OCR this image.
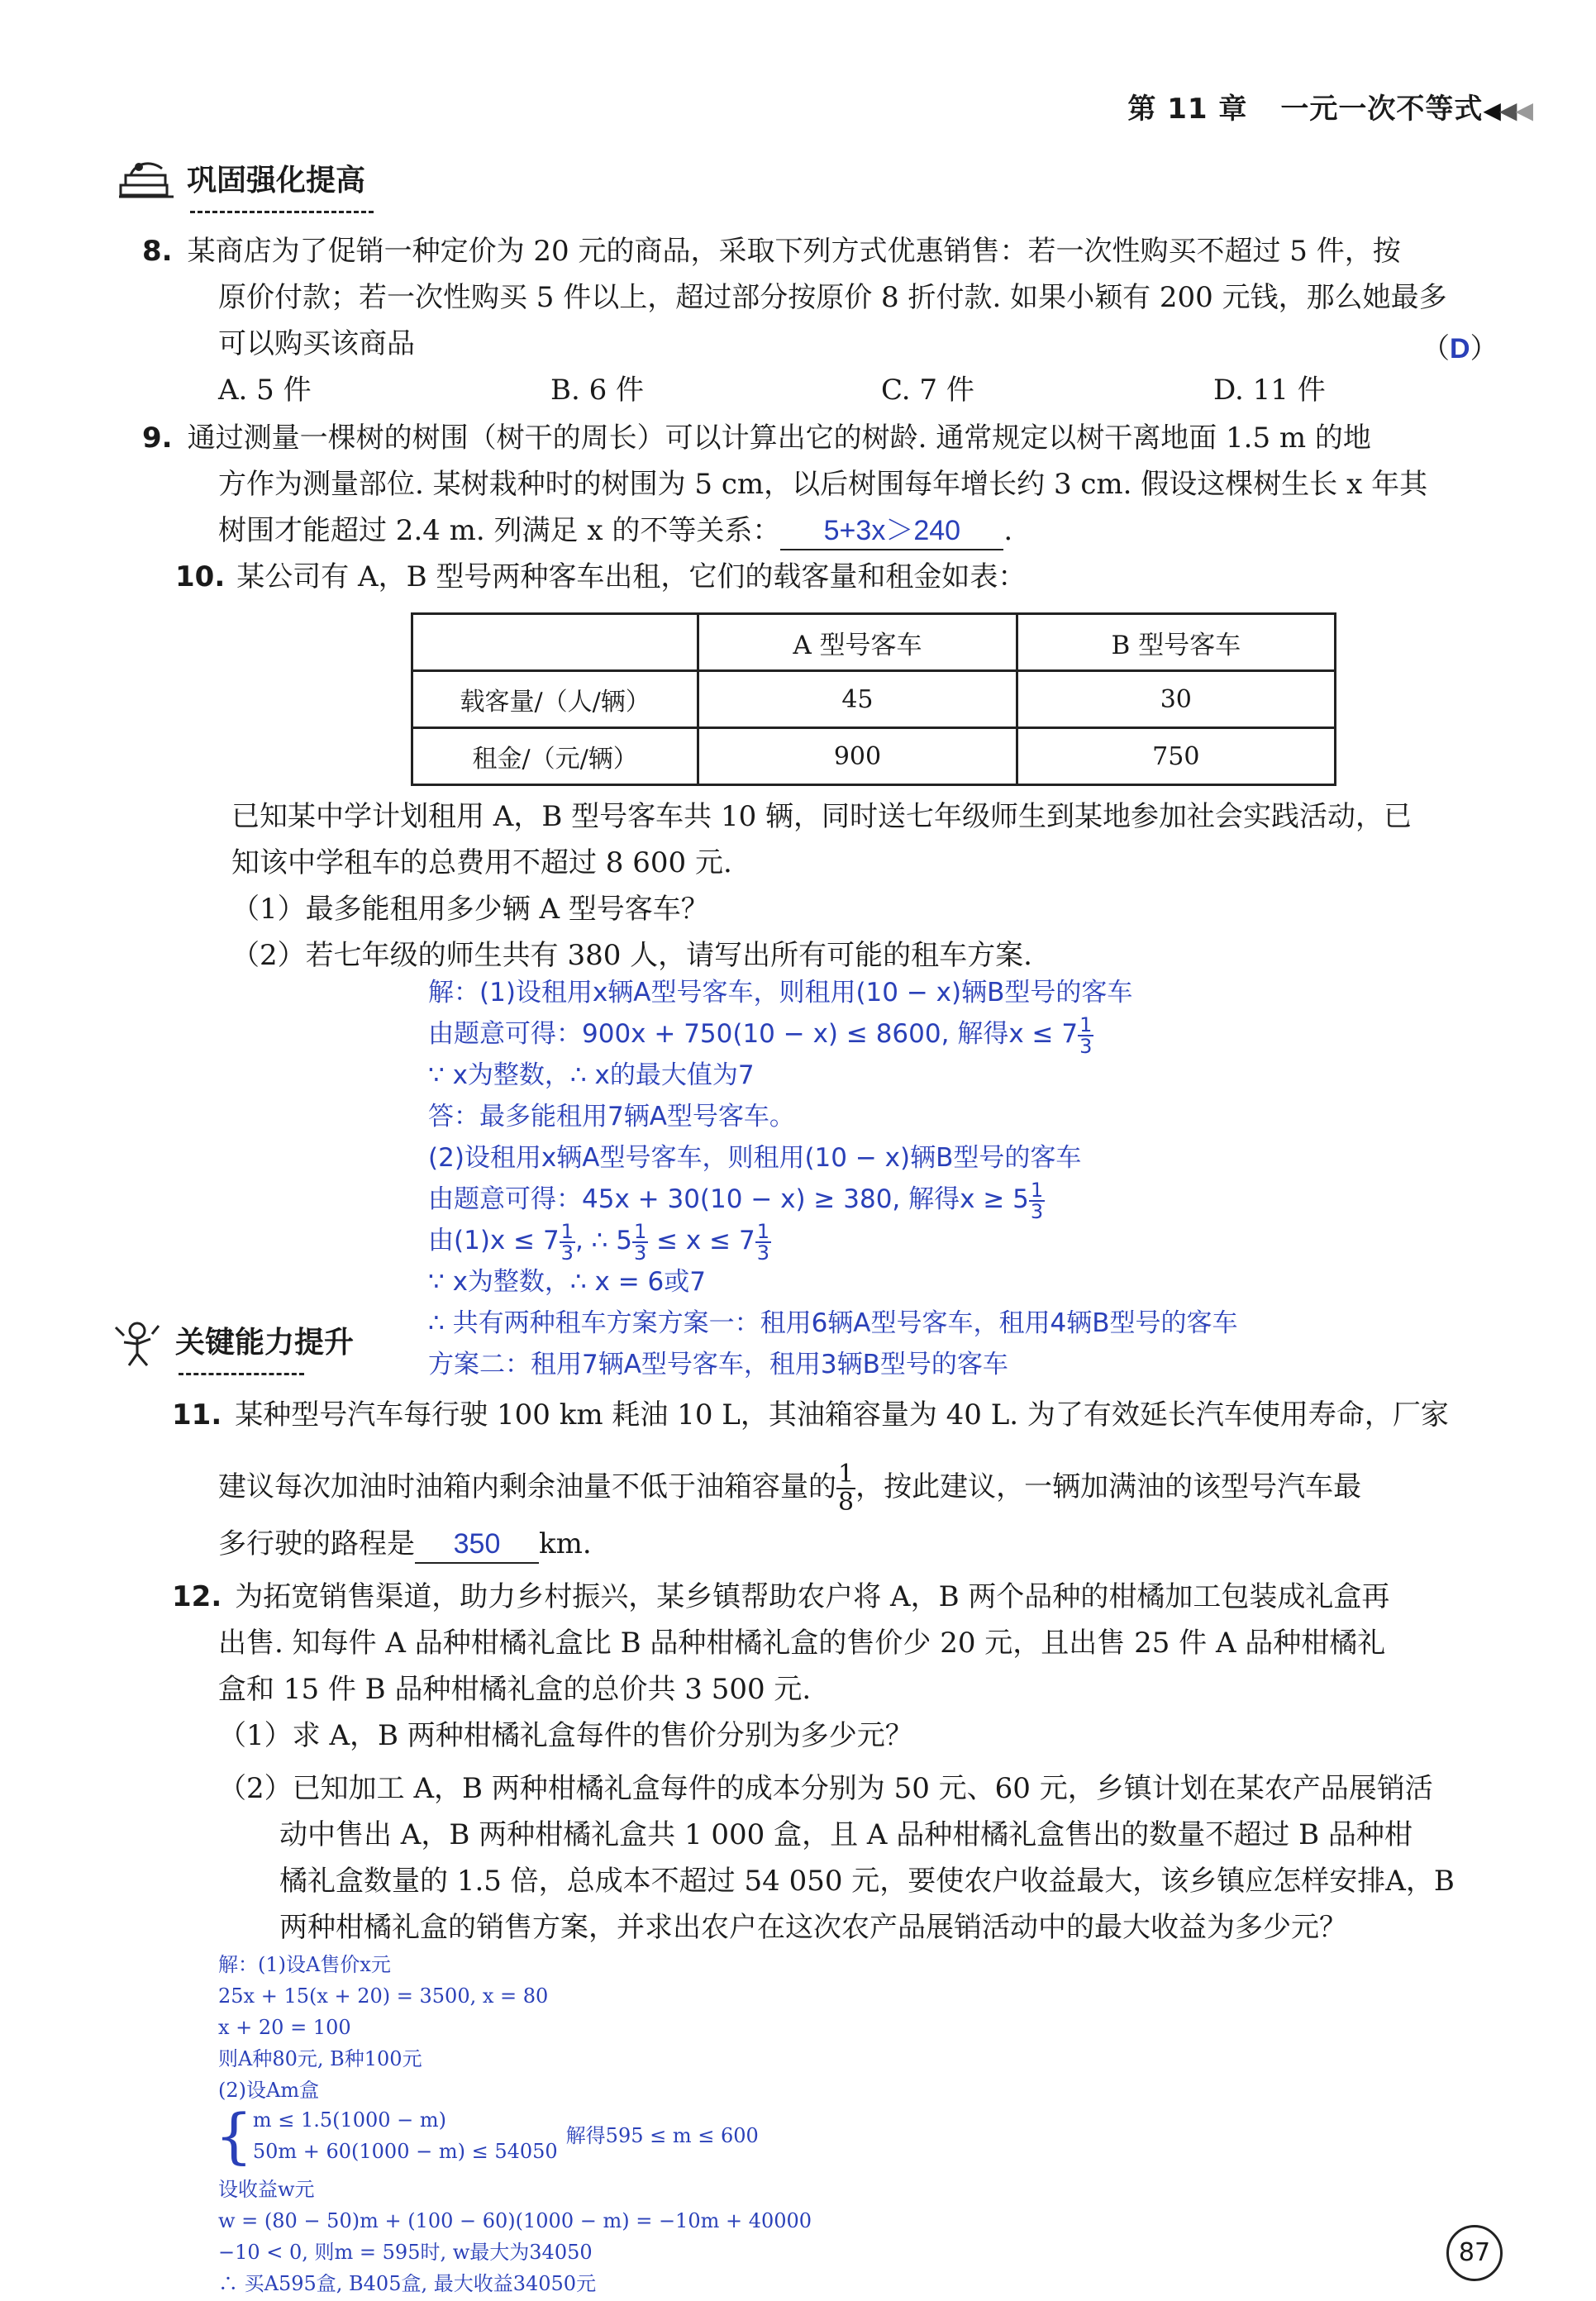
第 11 章 一元一次不等式◀◀◀
巩固强化提高
8. 某商店为了促销一种定价为 20 元的商品，采取下列方式优惠销售：若一次性购买不超过 5 件，按
原价付款；若一次性购买 5 件以上，超过部分按原价 8 折付款. 如果小颖有 200 元钱，那么她最多
可以购买该商品	（D）
A. 5 件	B. 6 件	C. 7 件	D. 11 件
9. 通过测量一棵树的树围（树干的周长）可以计算出它的树龄. 通常规定以树干离地面 1.5 m 的地
方作为测量部位. 某树栽种时的树围为 5 cm，以后树围每年增长约 3 cm. 假设这棵树生长 x 年其
树围才能超过 2.4 m. 列满足 x 的不等关系： 5+3x＞240 .
10. 某公司有 A，B 型号两种客车出租，它们的载客量和租金如表：
	A 型号客车	B 型号客车
载客量/（人/辆）	45	30
租金/（元/辆）	900	750
已知某中学计划租用 A，B 型号客车共 10 辆，同时送七年级师生到某地参加社会实践活动，已
知该中学租车的总费用不超过 8 600 元.
（1）最多能租用多少辆 A 型号客车？
（2）若七年级的师生共有 380 人，请写出所有可能的租车方案.
解：(1)设租用x辆A型号客车，则租用(10 − x)辆B型号的客车
由题意可得：900x + 750(10 − x) ≤ 8600, 解得$x \le 7 \frac{1}{3}$
∵ x为整数，∴ x的最大值为7
答：最多能租用7辆A型号客车。
(2)设租用x辆A型号客车，则租用(10 − x)辆B型号的客车
由题意可得：45x + 30(10 − x) ≥ 380, 解得$x \ge 5 \frac{1}{3}$
由$(1)x \le 7 \frac{1}{3}$ , ∴ $5 \frac{1}{3} \le x \le 7 \frac{1}{3}$
∵ x为整数，∴ x = 6或7
∴ 共有两种租车方案方案一：租用6辆A型号客车，租用4辆B型号的客车
方案二：租用7辆A型号客车，租用3辆B型号的客车
关键能力提升
11. 某种型号汽车每行驶 100 km 耗油 10 L，其油箱容量为 40 L. 为了有效延长汽车使用寿命，厂家
建议每次加油时油箱内剩余油量不低于油箱容量的 $\frac{1}{8}$ ，按此建议，一辆加满油的该型号汽车最
多行驶的路程是 350 km.
12. 为拓宽销售渠道，助力乡村振兴，某乡镇帮助农户将 A，B 两个品种的柑橘加工包装成礼盒再
出售. 知每件 A 品种柑橘礼盒比 B 品种柑橘礼盒的售价少 20 元，且出售 25 件 A 品种柑橘礼
盒和 15 件 B 品种柑橘礼盒的总价共 3 500 元.
（1）求 A，B 两种柑橘礼盒每件的售价分别为多少元？
（2）已知加工 A，B 两种柑橘礼盒每件的成本分别为 50 元、60 元，乡镇计划在某农产品展销活
动中售出 A，B 两种柑橘礼盒共 1 000 盒，且 A 品种柑橘礼盒售出的数量不超过 B 品种柑
橘礼盒数量的 1.5 倍，总成本不超过 54 050 元，要使农户收益最大，该乡镇应怎样安排A，B
两种柑橘礼盒的销售方案，并求出农户在这次农产品展销活动中的最大收益为多少元？
解：(1)设A售价x元
25x + 15(x + 20) = 3500, x = 80
x + 20 = 100
则A种80元, B种100元
(2)设Am盒
{ m ≤ 1.5(1000 − m)
50m + 60(1000 − m) ≤ 54050
解得595 ≤ m ≤ 600
设收益w元
w = (80 − 50)m + (100 − 60)(1000 − m) = −10m + 40000
−10 < 0, 则m = 595时, w最大为34050
∴ 买A595盒, B405盒, 最大收益34050元
87
